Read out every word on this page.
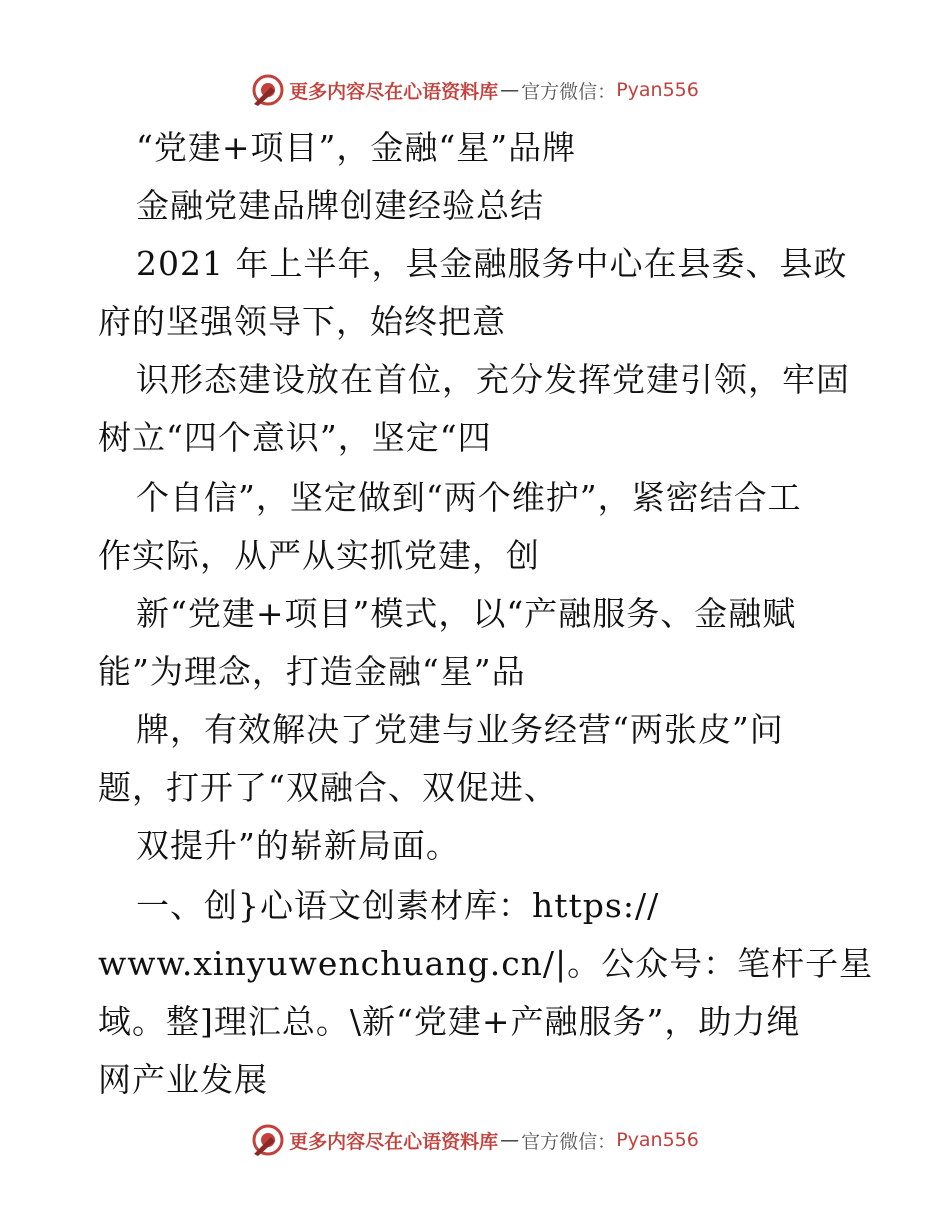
更多内容尽在心语资料库 — 官方微信： Pyan556
“党建+项目”，金融“星”品牌
金融党建品牌创建经验总结
2021 年上半年，县金融服务中心在县委、县政
府的坚强领导下，始终把意
识形态建设放在首位，充分发挥党建引领，牢固
树立“四个意识”，坚定“四
个自信”，坚定做到“两个维护”，紧密结合工
作实际，从严从实抓党建，创
新“党建+项目”模式，以“产融服务、金融赋
能”为理念，打造金融“星”品
牌，有效解决了党建与业务经营“两张皮”问
题，打开了“双融合、双促进、
双提升”的崭新局面。
一、创}心语文创素材库：https://
www.xinyuwenchuang.cn/|。公众号：笔杆子星
域。整]理汇总。\新“党建+产融服务”，助力绳
网产业发展
更多内容尽在心语资料库 — 官方微信： Pyan556
